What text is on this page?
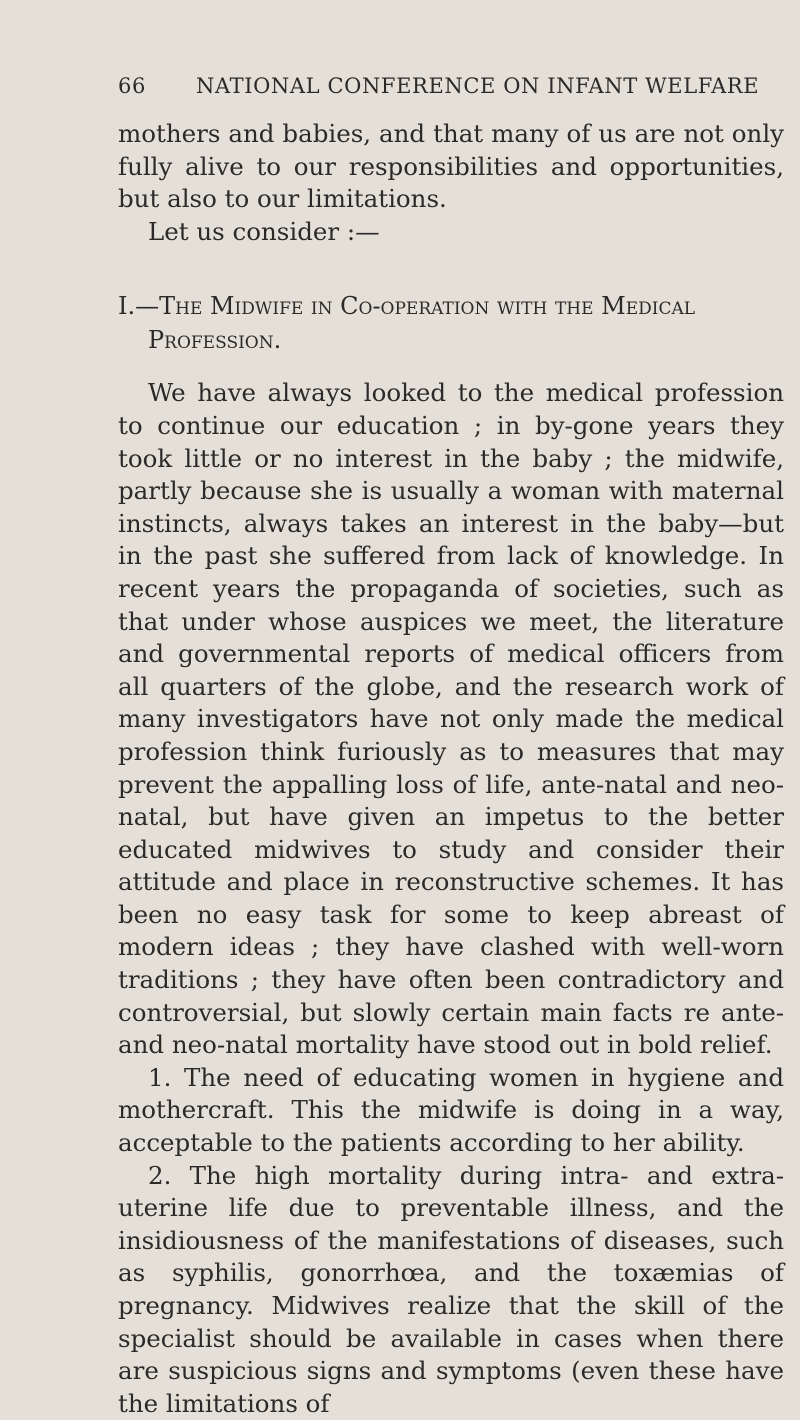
66 NATIONAL CONFERENCE ON INFANT WELFARE

mothers and babies, and that many of us are not only fully alive to our responsibilities and opportunities, but also to our limitations.

Let us consider :—

I.—The Midwife in Co-operation with the Medical Profession.

We have always looked to the medical profession to continue our education ; in by-gone years they took little or no interest in the baby ; the midwife, partly because she is usually a woman with maternal instincts, always takes an interest in the baby—but in the past she suffered from lack of knowledge. In recent years the propaganda of societies, such as that under whose auspices we meet, the literature and governmental reports of medical officers from all quarters of the globe, and the research work of many investigators have not only made the medical profession think furiously as to measures that may prevent the appalling loss of life, ante-natal and neo-natal, but have given an impetus to the better educated midwives to study and consider their attitude and place in reconstructive schemes. It has been no easy task for some to keep abreast of modern ideas ; they have clashed with well-worn traditions ; they have often been contradictory and controversial, but slowly certain main facts re ante- and neo-natal mortality have stood out in bold relief.

1. The need of educating women in hygiene and mothercraft. This the midwife is doing in a way, acceptable to the patients according to her ability.

2. The high mortality during intra- and extra-uterine life due to preventable illness, and the insidiousness of the manifestations of diseases, such as syphilis, gonorrhœa, and the toxæmias of pregnancy. Midwives realize that the skill of the specialist should be available in cases when there are suspicious signs and symptoms (even these have the limitations of
